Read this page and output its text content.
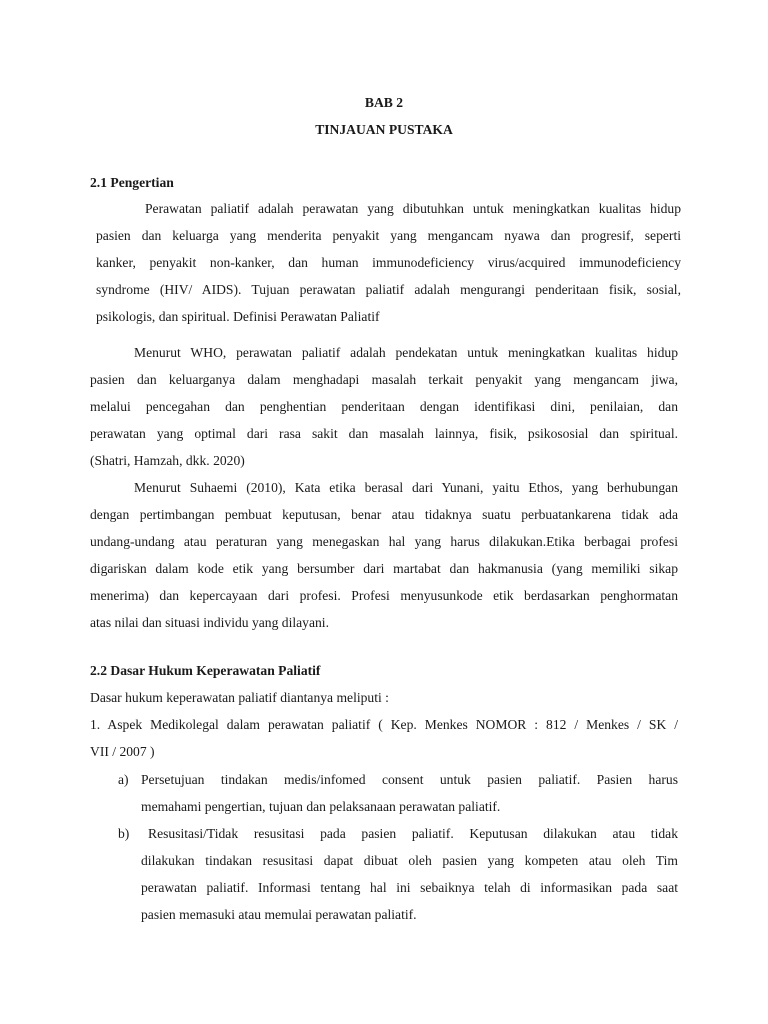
BAB 2
TINJAUAN PUSTAKA
2.1 Pengertian
Perawatan paliatif adalah perawatan yang dibutuhkan untuk meningkatkan kualitas hidup
pasien dan keluarga yang menderita penyakit yang mengancam nyawa dan progresif, seperti
kanker, penyakit non-kanker, dan human immunodeficiency virus/acquired immunodeficiency
syndrome (HIV/ AIDS). Tujuan perawatan paliatif adalah mengurangi penderitaan fisik, sosial,
psikologis, dan spiritual. Definisi Perawatan Paliatif
Menurut WHO, perawatan paliatif adalah pendekatan untuk meningkatkan kualitas hidup
pasien dan keluarganya dalam menghadapi masalah terkait penyakit yang mengancam jiwa,
melalui pencegahan dan penghentian penderitaan dengan identifikasi dini, penilaian, dan
perawatan yang optimal dari rasa sakit dan masalah lainnya, fisik, psikososial dan spiritual.
(Shatri, Hamzah, dkk. 2020)
Menurut Suhaemi (2010), Kata etika berasal dari Yunani, yaitu Ethos, yang berhubungan
dengan pertimbangan pembuat keputusan, benar atau tidaknya suatu perbuatankarena tidak ada
undang-undang atau peraturan yang menegaskan hal yang harus dilakukan.Etika berbagai profesi
digariskan dalam kode etik yang bersumber dari martabat dan hakmanusia (yang memiliki sikap
menerima) dan kepercayaan dari profesi. Profesi menyusunkode etik berdasarkan penghormatan
atas nilai dan situasi individu yang dilayani.
2.2 Dasar Hukum Keperawatan Paliatif
Dasar hukum keperawatan paliatif diantanya meliputi :
1. Aspek Medikolegal dalam perawatan paliatif ( Kep. Menkes NOMOR : 812 / Menkes / SK /
VII / 2007 )
a) Persetujuan tindakan medis/infomed consent untuk pasien paliatif. Pasien harus
memahami pengertian, tujuan dan pelaksanaan perawatan paliatif.
b) Resusitasi/Tidak resusitasi pada pasien paliatif. Keputusan dilakukan atau tidak
dilakukan tindakan resusitasi dapat dibuat oleh pasien yang kompeten atau oleh Tim
perawatan paliatif. Informasi tentang hal ini sebaiknya telah di informasikan pada saat
pasien memasuki atau memulai perawatan paliatif.
